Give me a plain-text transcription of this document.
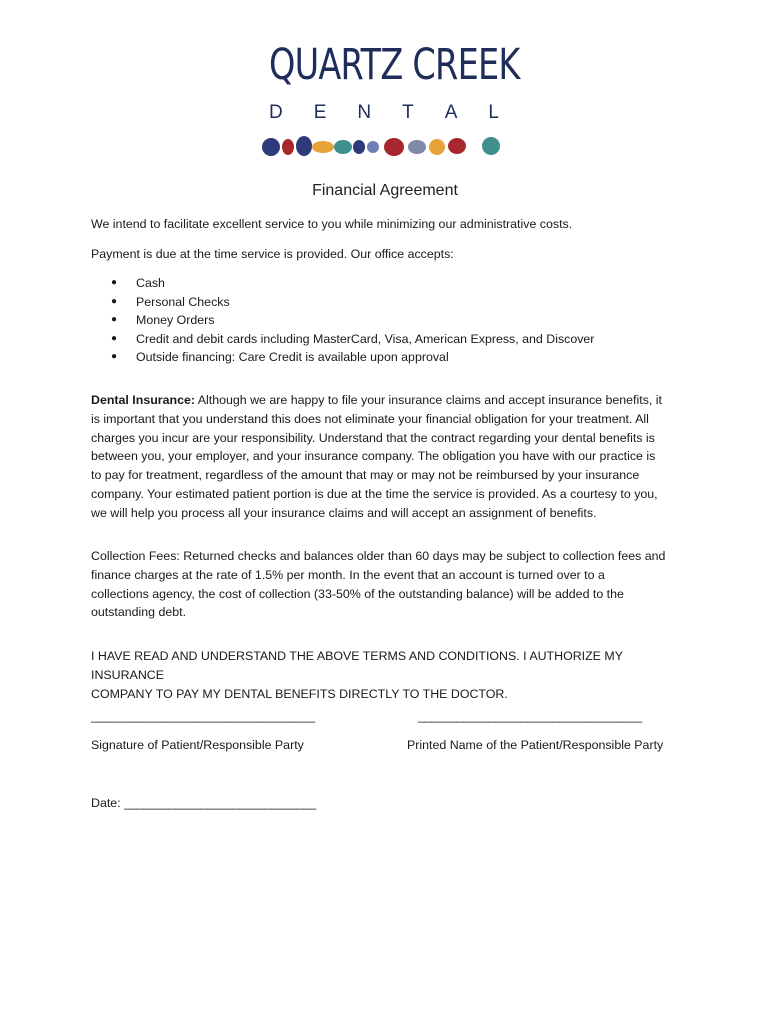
QUARTZ CREEK
D E N T A L
Financial Agreement
We intend to facilitate excellent service to you while minimizing our administrative costs.
Payment is due at the time service is provided. Our office accepts:
● Cash
● Personal Checks
● Money Orders
● Credit and debit cards including MasterCard, Visa, American Express, and Discover
● Outside financing: Care Credit is available upon approval
Dental Insurance: Although we are happy to file your insurance claims and accept insurance benefits, it
is important that you understand this does not eliminate your financial obligation for your treatment. All
charges you incur are your responsibility. Understand that the contract regarding your dental benefits is
between you, your employer, and your insurance company. The obligation you have with our practice is
to pay for treatment, regardless of the amount that may or may not be reimbursed by your insurance
company. Your estimated patient portion is due at the time the service is provided. As a courtesy to you,
we will help you process all your insurance claims and will accept an assignment of benefits.
Collection Fees: Returned checks and balances older than 60 days may be subject to collection fees and
finance charges at the rate of 1.5% per month. In the event that an account is turned over to a
collections agency, the cost of collection (33-50% of the outstanding balance) will be added to the
outstanding debt.
I HAVE READ AND UNDERSTAND THE ABOVE TERMS AND CONDITIONS. I AUTHORIZE MY INSURANCE
COMPANY TO PAY MY DENTAL BENEFITS DIRECTLY TO THE DOCTOR.
___________________________________	___________________________________
Signature of Patient/Responsible Party	Printed Name of the Patient/Responsible Party
Date: ______________________________
